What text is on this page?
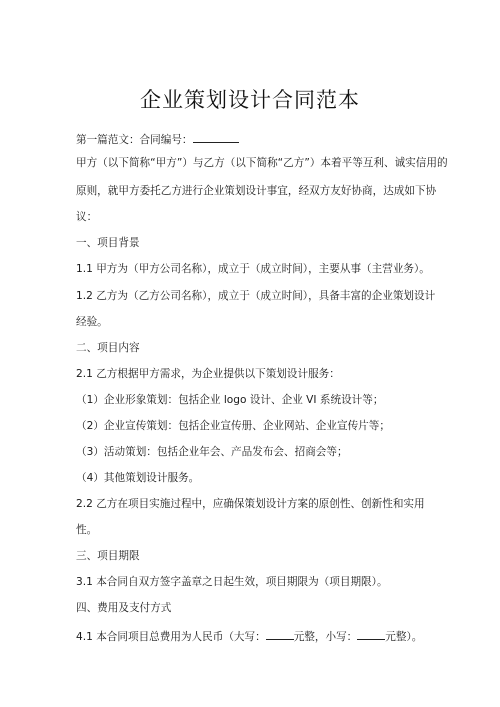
企业策划设计合同范本
第一篇范文：合同编号：
甲方（以下简称“甲方”）与乙方（以下简称“乙方”）本着平等互利、诚实信用的
原则，就甲方委托乙方进行企业策划设计事宜，经双方友好协商，达成如下协
议：
一、项目背景
1.1 甲方为（甲方公司名称），成立于（成立时间），主要从事（主营业务）。
1.2 乙方为（乙方公司名称），成立于（成立时间），具备丰富的企业策划设计
经验。
二、项目内容
2.1 乙方根据甲方需求，为企业提供以下策划设计服务：
（1）企业形象策划：包括企业 logo 设计、企业 VI 系统设计等；
（2）企业宣传策划：包括企业宣传册、企业网站、企业宣传片等；
（3）活动策划：包括企业年会、产品发布会、招商会等；
（4）其他策划设计服务。
2.2 乙方在项目实施过程中，应确保策划设计方案的原创性、创新性和实用
性。
三、项目期限
3.1 本合同自双方签字盖章之日起生效，项目期限为（项目期限）。
四、费用及支付方式
4.1 本合同项目总费用为人民币（大写：	元整，小写：	元整）。
